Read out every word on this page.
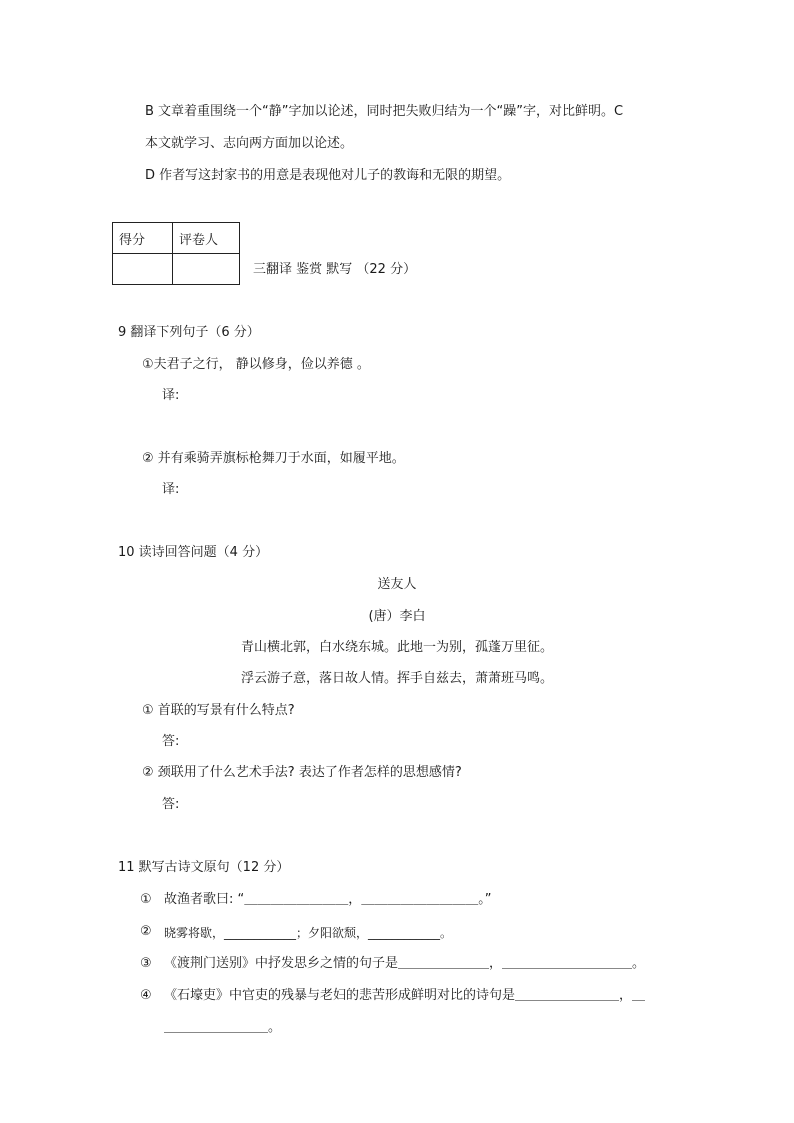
B 文章着重围绕一个“静”字加以论述，同时把失败归结为一个“躁”字，对比鲜明。C
本文就学习、志向两方面加以论述。
D 作者写这封家书的用意是表现他对儿子的教诲和无限的期望。
得分	评卷人

三翻译 鉴赏 默写 （22 分）
9 翻译下列句子（6 分）
①夫君子之行， 静以修身，俭以养德 。
译:
② 并有乘骑弄旗标枪舞刀于水面，如履平地。
译:
10 读诗回答问题（4 分）
送友人
(唐）李白
青山横北郭，白水绕东城。此地一为别，孤蓬万里征。
浮云游子意，落日故人情。挥手自兹去，萧萧班马鸣。
① 首联的写景有什么特点?
答:
② 颈联用了什么艺术手法? 表达了作者怎样的思想感情?
答:
11 默写古诗文原句（12 分）
① 故渔者歌曰: “＿＿＿＿＿＿＿＿，＿＿＿＿＿＿＿＿＿。”
② 晓雾将歇，____________；夕阳欲颓，____________。
③ 《渡荆门送别》中抒发思乡之情的句子是＿＿＿＿＿＿＿，＿＿＿＿＿＿＿＿＿＿。
④ 《石壕吏》中官吏的残暴与老妇的悲苦形成鲜明对比的诗句是＿＿＿＿＿＿＿＿，＿
＿＿＿＿＿＿＿＿。
